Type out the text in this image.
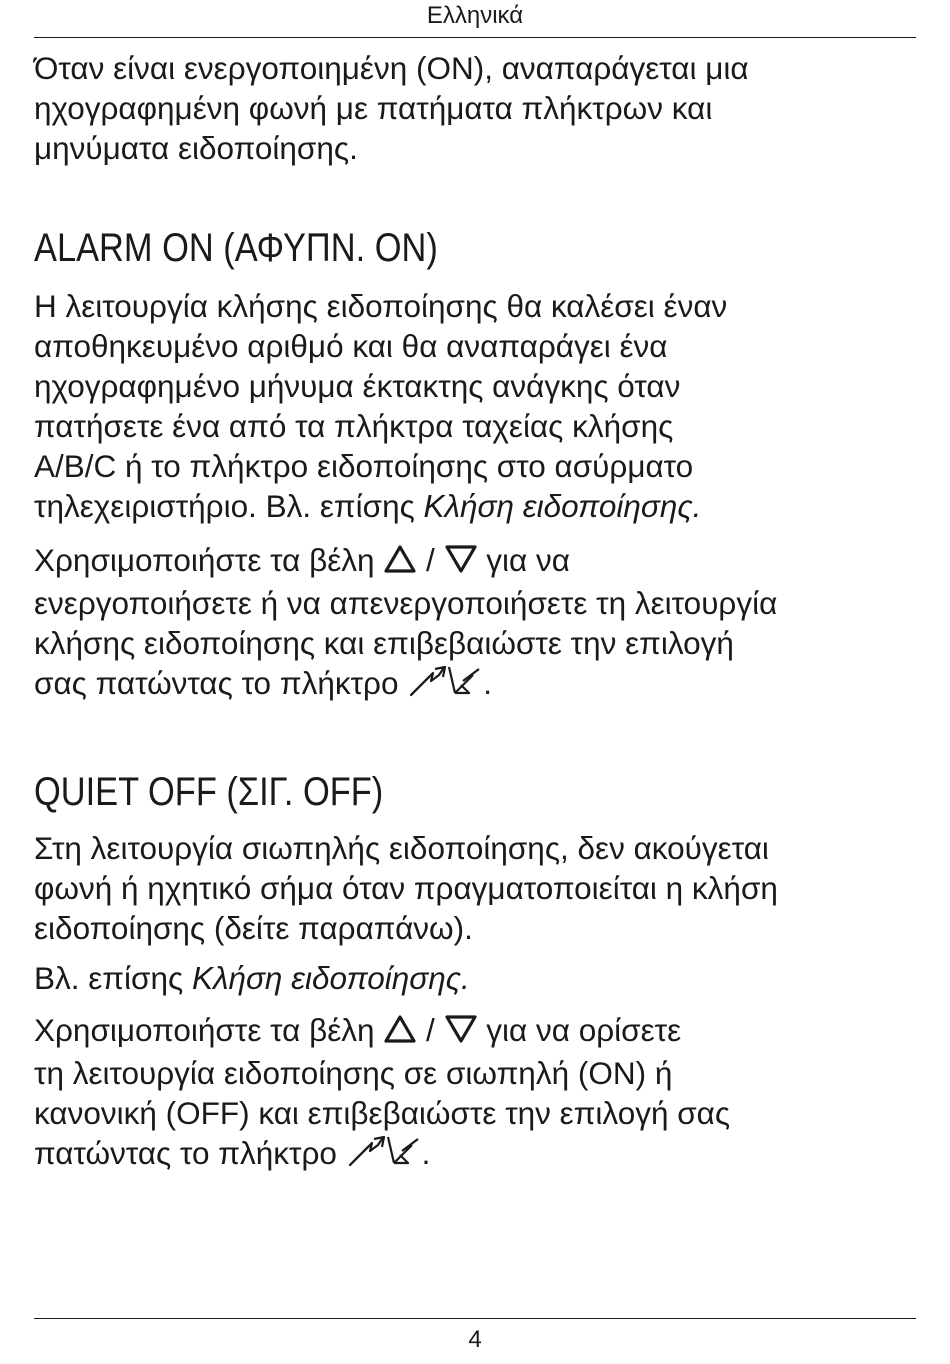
Ελληνικά

Όταν είναι ενεργοποιημένη (ON), αναπαράγεται μια
ηχογραφημένη φωνή με πατήματα πλήκτρων και
μηνύματα ειδοποίησης.

ALARM ON (ΑΦΥΠΝ. ON)

Η λειτουργία κλήσης ειδοποίησης θα καλέσει έναν
αποθηκευμένο αριθμό και θα αναπαράγει ένα
ηχογραφημένο μήνυμα έκτακτης ανάγκης όταν
πατήσετε ένα από τα πλήκτρα ταχείας κλήσης
A/B/C ή το πλήκτρο ειδοποίησης στο ασύρματο
τηλεχειριστήριο. Βλ. επίσης Κλήση ειδοποίησης.

Χρησιμοποιήστε τα βέλη  /  για να
ενεργοποιήσετε ή να απενεργοποιήσετε τη λειτουργία
κλήσης ειδοποίησης και επιβεβαιώστε την επιλογή
σας πατώντας το πλήκτρο .

QUIET OFF (ΣΙΓ. OFF)

Στη λειτουργία σιωπηλής ειδοποίησης, δεν ακούγεται
φωνή ή ηχητικό σήμα όταν πραγματοποιείται η κλήση
ειδοποίησης (δείτε παραπάνω).

Βλ. επίσης Κλήση ειδοποίησης.

Χρησιμοποιήστε τα βέλη  /  για να ορίσετε
τη λειτουργία ειδοποίησης σε σιωπηλή (ON) ή
κανονική (OFF) και επιβεβαιώστε την επιλογή σας
πατώντας το πλήκτρο .

4
